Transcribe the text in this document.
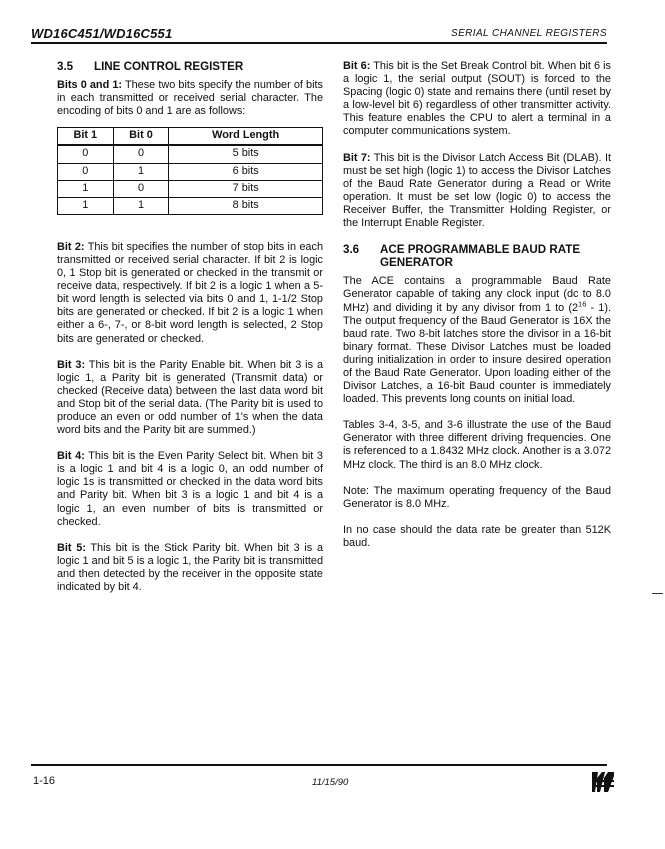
WD16C451/WD16C551	SERIAL CHANNEL REGISTERS
3.5	LINE CONTROL REGISTER

Bits 0 and 1: These two bits specify the number of bits in each transmitted or received serial character. The encoding of bits 0 and 1 are as follows:

Bit 1	Bit 0	Word Length
0	0	5 bits
0	1	6 bits
1	0	7 bits
1	1	8 bits

Bit 2: This bit specifies the number of stop bits in each transmitted or received serial character. If bit 2 is logic 0, 1 Stop bit is generated or checked in the transmit or receive data, respectively. If bit 2 is a logic 1 when a 5-bit word length is selected via bits 0 and 1, 1-1/2 Stop bits are generated or checked. If bit 2 is a logic 1 when either a 6-, 7-, or 8-bit word length is selected, 2 Stop bits are generated or checked.

Bit 3: This bit is the Parity Enable bit. When bit 3 is a logic 1, a Parity bit is generated (Transmit data) or checked (Receive data) between the last data word bit and Stop bit of the serial data. (The Parity bit is used to produce an even or odd number of 1's when the data word bits and the Parity bit are summed.)

Bit 4: This bit is the Even Parity Select bit. When bit 3 is a logic 1 and bit 4 is a logic 0, an odd number of logic 1s is transmitted or checked in the data word bits and Parity bit. When bit 3 is a logic 1 and bit 4 is a logic 1, an even number of bits is transmitted or checked.

Bit 5: This bit is the Stick Parity bit. When bit 3 is a logic 1 and bit 5 is a logic 1, the Parity bit is transmitted and then detected by the receiver in the opposite state indicated by bit 4.

Bit 6: This bit is the Set Break Control bit. When bit 6 is a logic 1, the serial output (SOUT) is forced to the Spacing (logic 0) state and remains there (until reset by a low-level bit 6) regardless of other transmitter activity. This feature enables the CPU to alert a terminal in a computer communications system.

Bit 7: This bit is the Divisor Latch Access Bit (DLAB). It must be set high (logic 1) to access the Divisor Latches of the Baud Rate Generator during a Read or Write operation. It must be set low (logic 0) to access the Receiver Buffer, the Transmitter Holding Register, or the Interrupt Enable Register.

3.6	ACE PROGRAMMABLE BAUD RATE GENERATOR

The ACE contains a programmable Baud Rate Generator capable of taking any clock input (dc to 8.0 MHz) and dividing it by any divisor from 1 to $(2^{16} - 1)$. The output frequency of the Baud Generator is 16X the baud rate. Two 8-bit latches store the divisor in a 16-bit binary format. These Divisor Latches must be loaded during initialization in order to insure desired operation of the Baud Rate Generator. Upon loading either of the Divisor Latches, a 16-bit Baud counter is immediately loaded. This prevents long counts on initial load.

Tables 3-4, 3-5, and 3-6 illustrate the use of the Baud Generator with three different driving frequencies. One is referenced to a 1.8432 MHz clock. Another is a 3.072 MHz clock. The third is an 8.0 MHz clock.

Note: The maximum operating frequency of the Baud Generator is 8.0 MHz.

In no case should the data rate be greater than 512K baud.

1-16	11/15/90
